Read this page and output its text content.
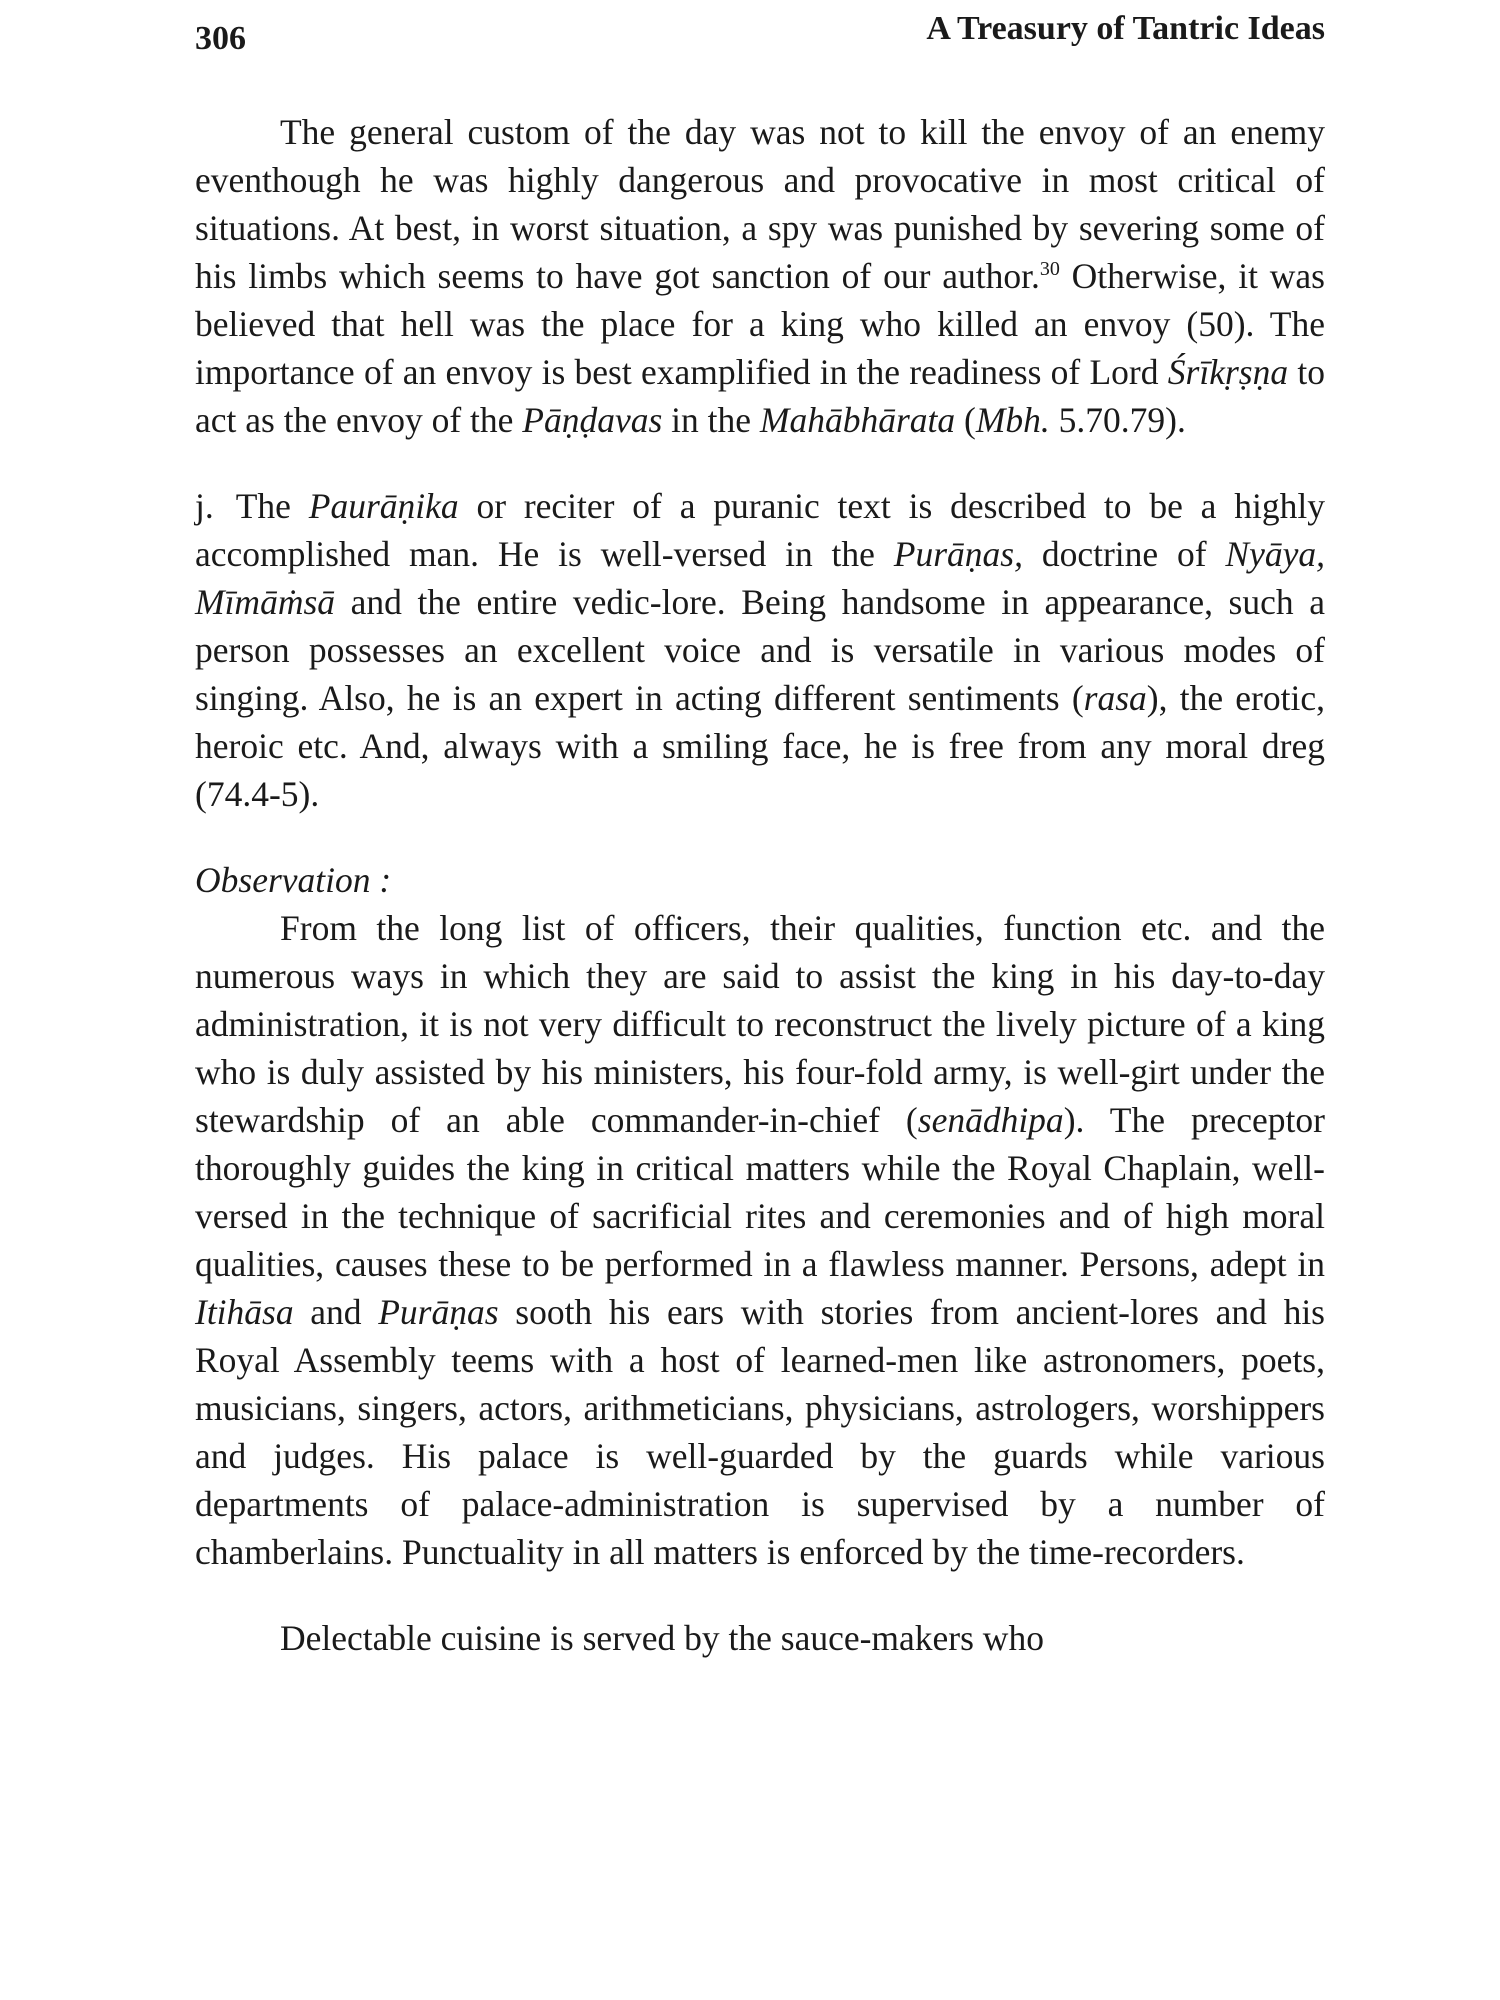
306	A Treasury of Tantric Ideas

The general custom of the day was not to kill the envoy of an enemy eventhough he was highly dangerous and provocative in most critical of situations. At best, in worst situation, a spy was punished by severing some of his limbs which seems to have got sanction of our author.$^{30}$ Otherwise, it was believed that hell was the place for a king who killed an envoy (50). The importance of an envoy is best examplified in the readiness of Lord Śrīkṛṣṇa to act as the envoy of the Pāṇḍavas in the Mahābhārata (Mbh. 5.70.79).

j. The Paurāṇika or reciter of a puranic text is described to be a highly accomplished man. He is well-versed in the Purāṇas, doctrine of Nyāya, Mīmāṁsā and the entire vedic-lore. Being handsome in appearance, such a person possesses an excellent voice and is versatile in various modes of singing. Also, he is an expert in acting different sentiments (rasa), the erotic, heroic etc. And, always with a smiling face, he is free from any moral dreg (74.4-5).

Observation :

From the long list of officers, their qualities, function etc. and the numerous ways in which they are said to assist the king in his day-to-day administration, it is not very difficult to reconstruct the lively picture of a king who is duly assisted by his ministers, his four-fold army, is well-girt under the stewardship of an able commander-in-chief (senādhipa). The preceptor thoroughly guides the king in critical matters while the Royal Chaplain, well-versed in the technique of sacrificial rites and ceremonies and of high moral qualities, causes these to be performed in a flawless manner. Persons, adept in Itihāsa and Purāṇas sooth his ears with stories from ancient-lores and his Royal Assembly teems with a host of learned-men like astronomers, poets, musicians, singers, actors, arithmeticians, physicians, astrologers, worshippers and judges. His palace is well-guarded by the guards while various departments of palace-administration is supervised by a number of chamberlains. Punctuality in all matters is enforced by the time-recorders.

Delectable cuisine is served by the sauce-makers who
